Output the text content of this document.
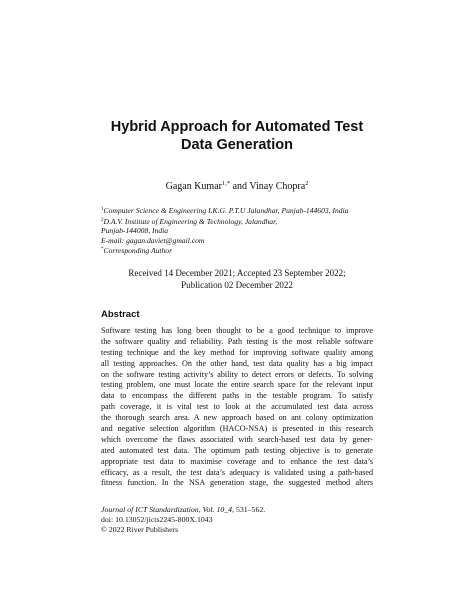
Hybrid Approach for Automated Test
Data Generation
Gagan Kumar$^{1,*}$ and Vinay Chopra$^2$
$^1$Computer Science & Engineering I.K.G. P.T.U Jalandhar, Punjab-144603, India
$^2$D.A.V. Institute of Engineering & Technology, Jalandhar,
Punjab-144008, India
E-mail: gagan.daviet@gmail.com
*Corresponding Author
Received 14 December 2021; Accepted 23 September 2022;
Publication 02 December 2022
Abstract
Software testing has long been thought to be a good technique to improve
the software quality and reliability. Path testing is the most reliable software
testing technique and the key method for improving software quality among
all testing approaches. On the other hand, test data quality has a big impact
on the software testing activity’s ability to detect errors or defects. To solving
testing problem, one must locate the entire search space for the relevant input
data to encompass the different paths in the testable program. To satisfy
path coverage, it is vital test to look at the accumulated test data across
the thorough search area. A new approach based on ant colony optimization
and negative selection algorithm (HACO-NSA) is presented in this research
which overcome the flaws associated with search-based test data by gener-
ated automated test data. The optimum path testing objective is to generate
appropriate test data to maximise coverage and to enhance the test data’s
efficacy, as a result, the test data’s adequacy is validated using a path-based
fitness function. In the NSA generation stage, the suggested method alters
Journal of ICT Standardization, Vol. 10_4, 531–562.
doi: 10.13052/jicts2245-800X.1043
© 2022 River Publishers
